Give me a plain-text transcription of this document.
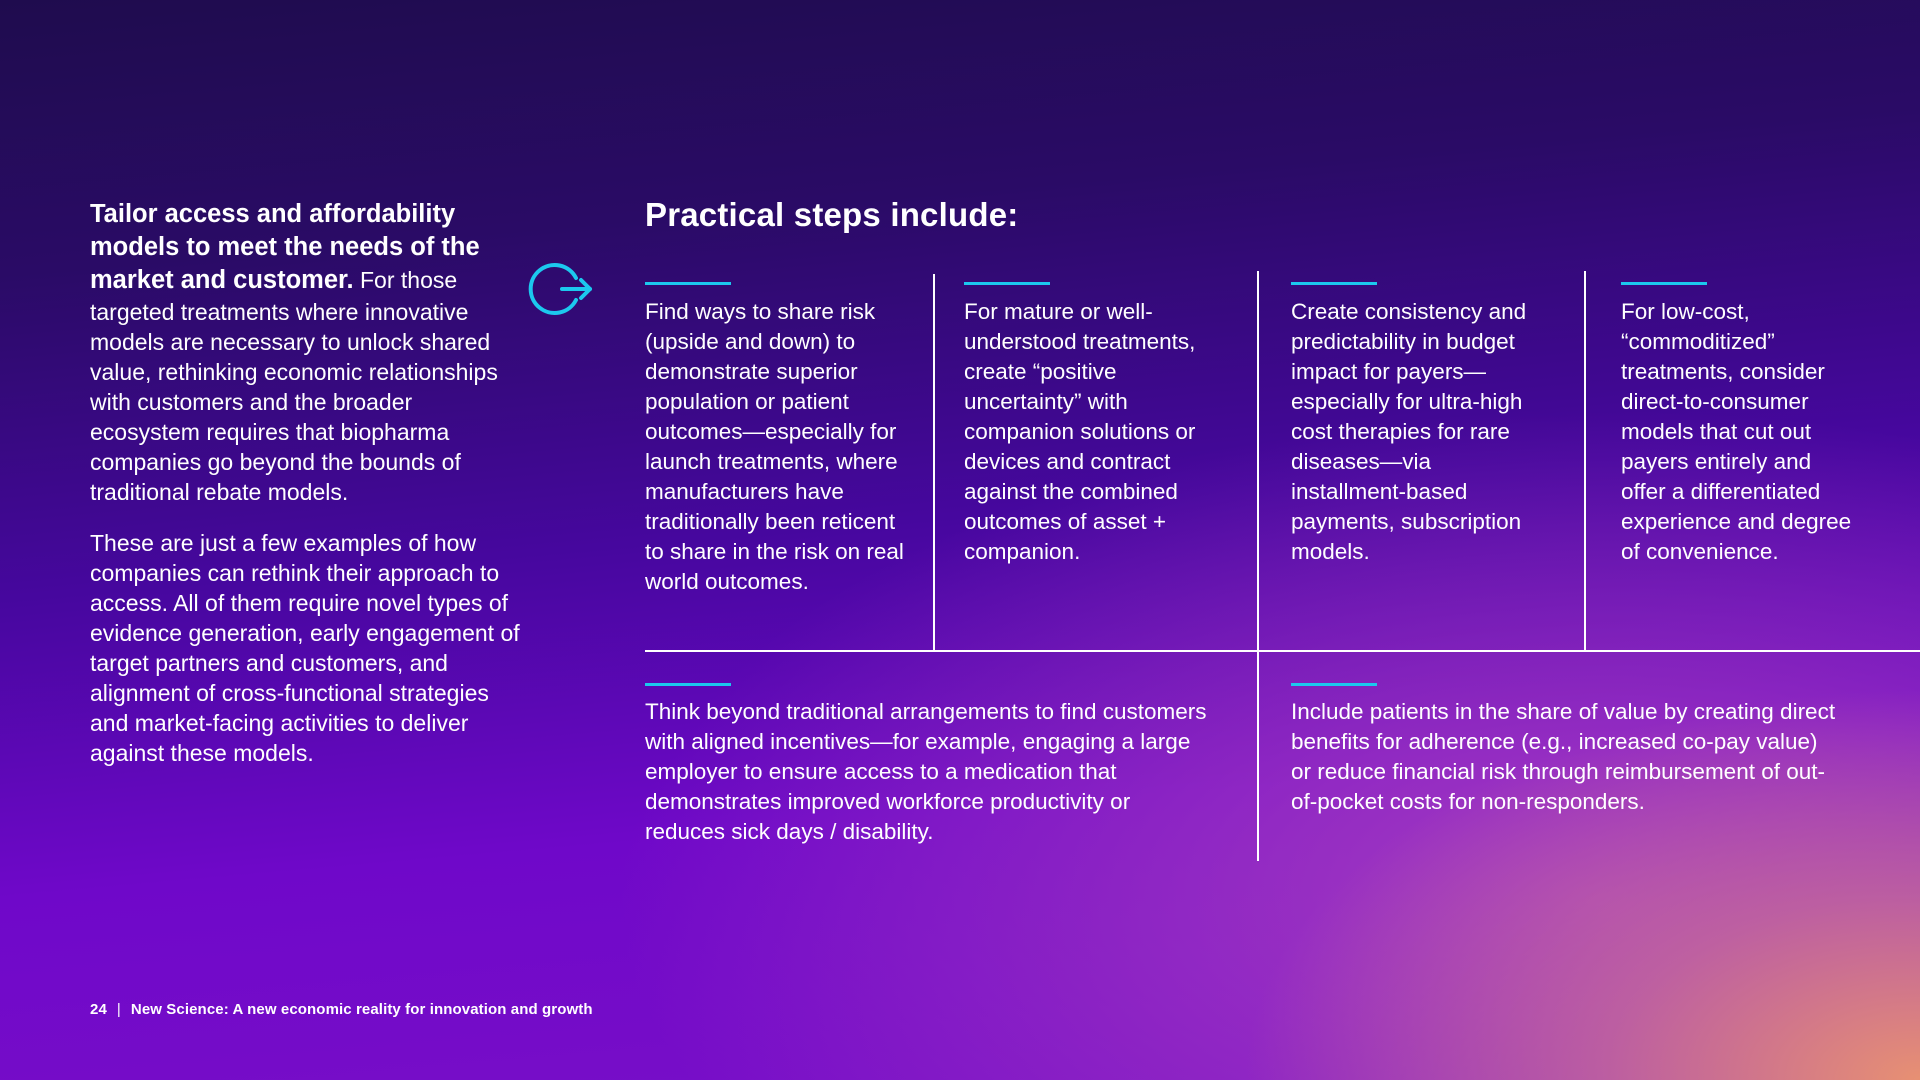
Tailor access and affordability models to meet the needs of the market and customer. For those targeted treatments where innovative models are necessary to unlock shared value, rethinking economic relationships with customers and the broader ecosystem requires that biopharma companies go beyond the bounds of traditional rebate models.

These are just a few examples of how companies can rethink their approach to access. All of them require novel types of evidence generation, early engagement of target partners and customers, and alignment of cross-functional strategies and market-facing activities to deliver against these models.

Practical steps include:
Find ways to share risk (upside and down) to demonstrate superior population or patient outcomes—especially for launch treatments, where manufacturers have traditionally been reticent to share in the risk on real world outcomes.
For mature or well-understood treatments, create “positive uncertainty” with companion solutions or devices and contract against the combined outcomes of asset + companion.
Create consistency and predictability in budget impact for payers—especially for ultra-high cost therapies for rare diseases—via installment-based payments, subscription models.
For low-cost, “commoditized” treatments, consider direct-to-consumer models that cut out payers entirely and offer a differentiated experience and degree of convenience.
Think beyond traditional arrangements to find customers with aligned incentives—for example, engaging a large employer to ensure access to a medication that demonstrates improved workforce productivity or reduces sick days / disability.
Include patients in the share of value by creating direct benefits for adherence (e.g., increased co-pay value) or reduce financial risk through reimbursement of out-of-pocket costs for non-responders.
24 | New Science: A new economic reality for innovation and growth
